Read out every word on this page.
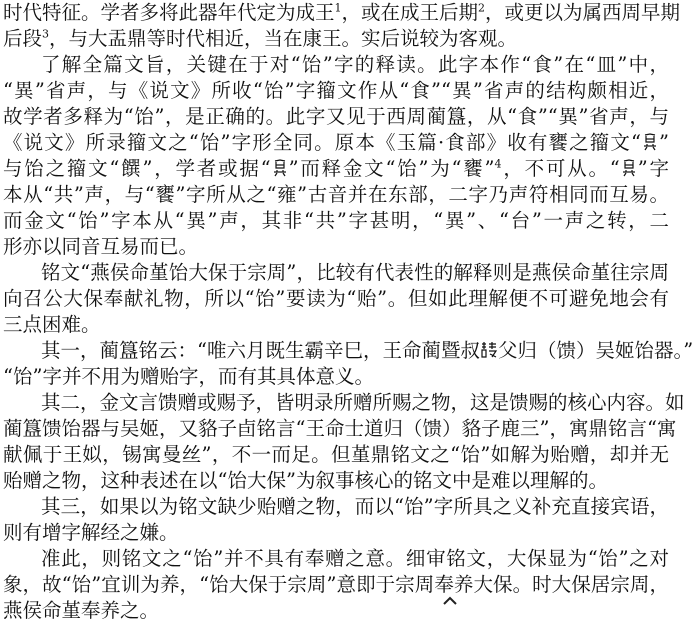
时代特征。学者多将此器年代定为成王$^1$，或在成王后期$^2$，或更以为属西周早期
后段$^3$，与大盂鼎等时代相近，当在康王。实后说较为客观。
了解全篇文旨，关键在于对“饴”字的释读。此字本作“食”在“皿”中，
“異”省声，与《说文》所收“饴”字籀文作从“食”“異”省声的结构颇相近，
故学者多释为“饴”，是正确的。此字又见于西周蔺簋，从“食”“異”省声，与
《说文》所录籀文之“饴”字形全同。原本《玉篇·食部》收有饔之籀文“ ”
与饴之籀文“饌”，学者或据“ ”而释金文“饴”为“饔”$^4$，不可从。“ ”字
本从“共”声，与“饔”字所从之“雍”古音并在东部，二字乃声符相同而互易。
而金文“饴”字本从“異”声，其非“共”字甚明，“異”、“台”一声之转，二
形亦以同音互易而已。
铭文“燕侯命堇饴大保于宗周”，比较有代表性的解释则是燕侯命堇往宗周
向召公大保奉献礼物，所以“饴”要读为“贻”。但如此理解便不可避免地会有
三点困难。
其一，蔺簋铭云：“唯六月既生霸辛巳，王命蔺暨叔 父归（馈）吴姬饴器。”
“饴”字并不用为赠贻字，而有其具体意义。
其二，金文言馈赠或赐予，皆明录所赠所赐之物，这是馈赐的核心内容。如
蔺簋馈饴器与吴姬，又貉子卣铭言“王命士道归（馈）貉子鹿三”，寓鼎铭言“寓
献佩于王姒，锡寓曼丝”，不一而足。但堇鼎铭文之“饴”如解为贻赠，却并无
贻赠之物，这种表述在以“饴大保”为叙事核心的铭文中是难以理解的。
其三，如果以为铭文缺少贻赠之物，而以“饴”字所具之义补充直接宾语，
则有增字解经之嫌。
准此，则铭文之“饴”并不具有奉赠之意。细审铭文，大保显为“饴”之对
象，故“饴”宜训为养，“饴大保于宗周”意即于宗周奉养大保。时大保居宗周，
燕侯命堇奉养之。
